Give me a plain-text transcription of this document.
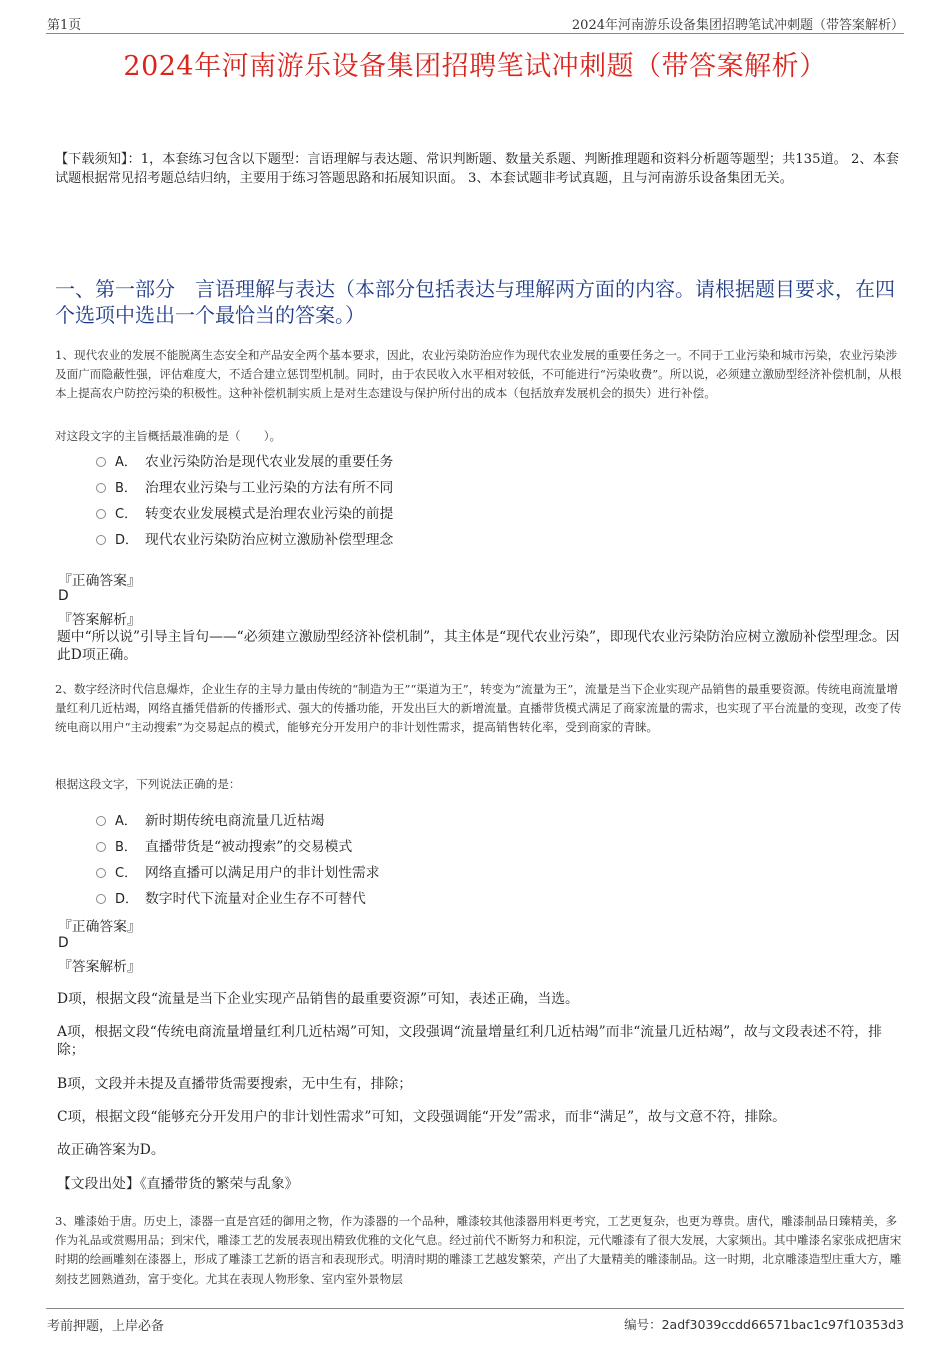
第1页	2024年河南游乐设备集团招聘笔试冲刺题（带答案解析）
2024年河南游乐设备集团招聘笔试冲刺题（带答案解析）
【下载须知】：1，本套练习包含以下题型：言语理解与表达题、常识判断题、数量关系题、判断推理题和资料分析题等题型；共135道。 2、本套试题根据常见招考题总结归纳，主要用于练习答题思路和拓展知识面。 3、本套试题非考试真题，且与河南游乐设备集团无关。
一、第一部分　言语理解与表达（本部分包括表达与理解两方面的内容。请根据题目要求，在四个选项中选出一个最恰当的答案。）
1、现代农业的发展不能脱离生态安全和产品安全两个基本要求，因此，农业污染防治应作为现代农业发展的重要任务之一。不同于工业污染和城市污染，农业污染涉及面广而隐蔽性强，评估难度大，不适合建立惩罚型机制。同时，由于农民收入水平相对较低，不可能进行“污染收费”。所以说，必须建立激励型经济补偿机制，从根本上提高农户防控污染的积极性。这种补偿机制实质上是对生态建设与保护所付出的成本（包括放弃发展机会的损失）进行补偿。
对这段文字的主旨概括最准确的是（　　）。
A． 农业污染防治是现代农业发展的重要任务
B． 治理农业污染与工业污染的方法有所不同
C． 转变农业发展模式是治理农业污染的前提
D． 现代农业污染防治应树立激励补偿型理念
『正确答案』
D
『答案解析』
题中“所以说”引导主旨句——“必须建立激励型经济补偿机制”，其主体是“现代农业污染”，即现代农业污染防治应树立激励补偿型理念。因此D项正确。
2、数字经济时代信息爆炸，企业生存的主导力量由传统的“制造为王”“渠道为王”，转变为“流量为王”，流量是当下企业实现产品销售的最重要资源。传统电商流量增量红利几近枯竭，网络直播凭借新的传播形式、强大的传播功能，开发出巨大的新增流量。直播带货模式满足了商家流量的需求，也实现了平台流量的变现，改变了传统电商以用户“主动搜索”为交易起点的模式，能够充分开发用户的非计划性需求，提高销售转化率，受到商家的青睐。
根据这段文字，下列说法正确的是：
A． 新时期传统电商流量几近枯竭
B． 直播带货是“被动搜索”的交易模式
C． 网络直播可以满足用户的非计划性需求
D． 数字时代下流量对企业生存不可替代
『正确答案』
D
『答案解析』
D项，根据文段“流量是当下企业实现产品销售的最重要资源”可知，表述正确，当选。
A项，根据文段“传统电商流量增量红利几近枯竭”可知，文段强调“流量增量红利几近枯竭”而非“流量几近枯竭”，故与文段表述不符，排除；
B项，文段并未提及直播带货需要搜索，无中生有，排除；
C项，根据文段“能够充分开发用户的非计划性需求”可知，文段强调能“开发”需求，而非“满足”，故与文意不符，排除。
故正确答案为D。
【文段出处】《直播带货的繁荣与乱象》
3、雕漆始于唐。历史上，漆器一直是宫廷的御用之物，作为漆器的一个品种，雕漆较其他漆器用料更考究，工艺更复杂，也更为尊贵。唐代，雕漆制品日臻精美，多作为礼品或赏赐用品；到宋代，雕漆工艺的发展表现出精致优雅的文化气息。经过前代不断努力和积淀，元代雕漆有了很大发展，大家频出。其中雕漆名家张成把唐宋时期的绘画雕刻在漆器上，形成了雕漆工艺新的语言和表现形式。明清时期的雕漆工艺越发繁荣，产出了大量精美的雕漆制品。这一时期，北京雕漆造型庄重大方，雕刻技艺圆熟遒劲，富于变化。尤其在表现人物形象、室内室外景物层
考前押题，上岸必备	编号：2adf3039ccdd66571bac1c97f10353d3
